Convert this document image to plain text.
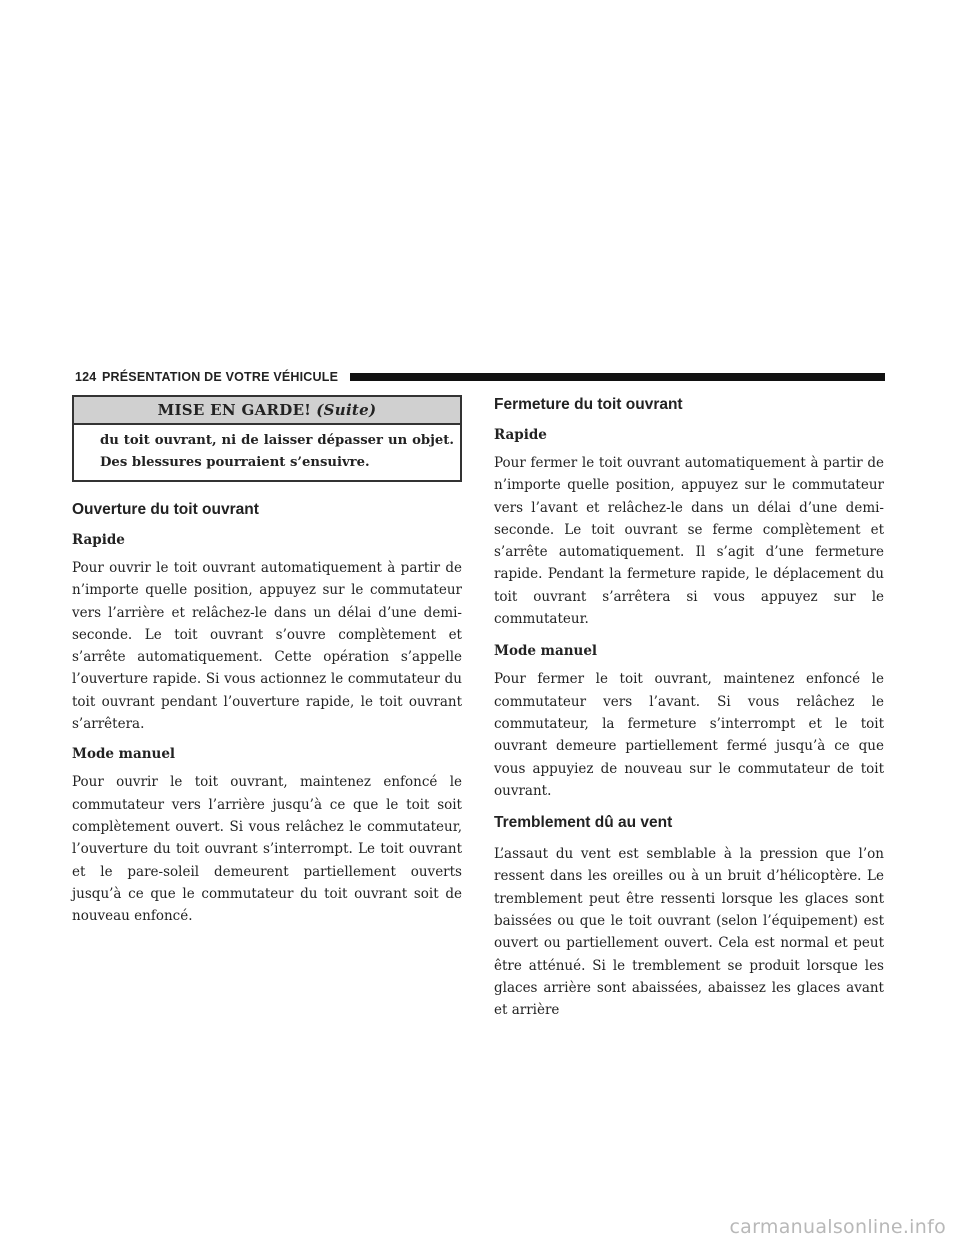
124 PRÉSENTATION DE VOTRE VÉHICULE
MISE EN GARDE! (Suite)
du toit ouvrant, ni de laisser dépasser un objet. Des blessures pourraient s’ensuivre.
Ouverture du toit ouvrant
Rapide

Pour ouvrir le toit ouvrant automatiquement à partir de n’importe quelle position, appuyez sur le commutateur vers l’arrière et relâchez-le dans un délai d’une demi-seconde. Le toit ouvrant s’ouvre complètement et s’arrête automatiquement. Cette opération s’appelle l’ouverture rapide. Si vous actionnez le commutateur du toit ouvrant pendant l’ouverture rapide, le toit ouvrant s’arrêtera.

Mode manuel

Pour ouvrir le toit ouvrant, maintenez enfoncé le commutateur vers l’arrière jusqu’à ce que le toit soit complètement ouvert. Si vous relâchez le commutateur, l’ouverture du toit ouvrant s’interrompt. Le toit ouvrant et le pare-soleil demeurent partiellement ouverts jusqu’à ce que le commutateur du toit ouvrant soit de nouveau enfoncé.

Fermeture du toit ouvrant
Rapide

Pour fermer le toit ouvrant automatiquement à partir de n’importe quelle position, appuyez sur le commutateur vers l’avant et relâchez-le dans un délai d’une demi-seconde. Le toit ouvrant se ferme complètement et s’arrête automatiquement. Il s’agit d’une fermeture rapide. Pendant la fermeture rapide, le déplacement du toit ouvrant s’arrêtera si vous appuyez sur le commutateur.

Mode manuel

Pour fermer le toit ouvrant, maintenez enfoncé le commutateur vers l’avant. Si vous relâchez le commutateur, la fermeture s’interrompt et le toit ouvrant demeure partiellement fermé jusqu’à ce que vous appuyiez de nouveau sur le commutateur de toit ouvrant.

Tremblement dû au vent

L’assaut du vent est semblable à la pression que l’on ressent dans les oreilles ou à un bruit d’hélicoptère. Le tremblement peut être ressenti lorsque les glaces sont baissées ou que le toit ouvrant (selon l’équipement) est ouvert ou partiellement ouvert. Cela est normal et peut être atténué. Si le tremblement se produit lorsque les glaces arrière sont abaissées, abaissez les glaces avant et arrière

carmanualsonline.info
